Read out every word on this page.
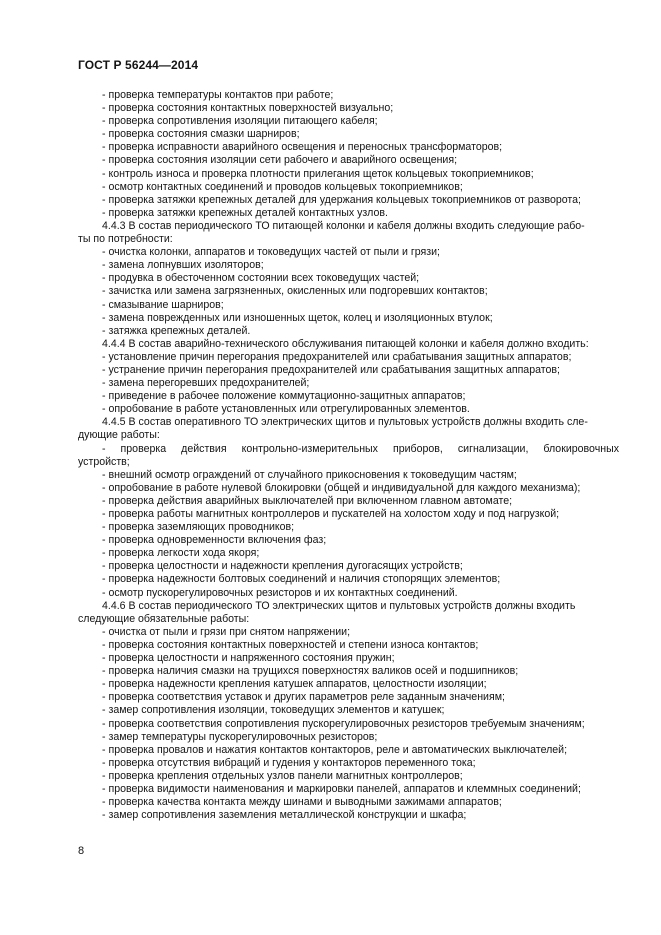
ГОСТ Р 56244—2014
- проверка температуры контактов при работе;
- проверка состояния контактных поверхностей визуально;
- проверка сопротивления изоляции питающего кабеля;
- проверка состояния смазки шарниров;
- проверка исправности аварийного освещения и переносных трансформаторов;
- проверка состояния изоляции сети рабочего и аварийного освещения;
- контроль износа и проверка плотности прилегания щеток кольцевых токоприемников;
- осмотр контактных соединений и проводов кольцевых токоприемников;
- проверка затяжки крепежных деталей для удержания кольцевых токоприемников от разворота;
- проверка затяжки крепежных деталей контактных узлов.
4.4.3 В состав периодического ТО питающей колонки и кабеля должны входить следующие рабо-
ты по потребности:
- очистка колонки, аппаратов и токоведущих частей от пыли и грязи;
- замена лопнувших изоляторов;
- продувка в обесточенном состоянии всех токоведущих частей;
- зачистка или замена загрязненных, окисленных или подгоревших контактов;
- смазывание шарниров;
- замена поврежденных или изношенных щеток, колец и изоляционных втулок;
- затяжка крепежных деталей.
4.4.4 В состав аварийно-технического обслуживания питающей колонки и кабеля должно входить:
- установление причин перегорания предохранителей или срабатывания защитных аппаратов;
- устранение причин перегорания предохранителей или срабатывания защитных аппаратов;
- замена перегоревших предохранителей;
- приведение в рабочее положение коммутационно-защитных аппаратов;
- опробование в работе установленных или отрегулированных элементов.
4.4.5 В состав оперативного ТО электрических щитов и пультовых устройств должны входить сле-
дующие работы:
- проверка действия контрольно-измерительных приборов, сигнализации, блокировочных
устройств;
- внешний осмотр ограждений от случайного прикосновения к токоведущим частям;
- опробование в работе нулевой блокировки (общей и индивидуальной для каждого механизма);
- проверка действия аварийных выключателей при включенном главном автомате;
- проверка работы магнитных контроллеров и пускателей на холостом ходу и под нагрузкой;
- проверка заземляющих проводников;
- проверка одновременности включения фаз;
- проверка легкости хода якоря;
- проверка целостности и надежности крепления дугогасящих устройств;
- проверка надежности болтовых соединений и наличия стопорящих элементов;
- осмотр пускорегулировочных резисторов и их контактных соединений.
4.4.6 В состав периодического ТО электрических щитов и пультовых устройств должны входить
следующие обязательные работы:
- очистка от пыли и грязи при снятом напряжении;
- проверка состояния контактных поверхностей и степени износа контактов;
- проверка целостности и напряженного состояния пружин;
- проверка наличия смазки на трущихся поверхностях валиков осей и подшипников;
- проверка надежности крепления катушек аппаратов, целостности изоляции;
- проверка соответствия уставок и других параметров реле заданным значениям;
- замер сопротивления изоляции, токоведущих элементов и катушек;
- проверка соответствия сопротивления пускорегулировочных резисторов требуемым значениям;
- замер температуры пускорегулировочных резисторов;
- проверка провалов и нажатия контактов контакторов, реле и автоматических выключателей;
- проверка отсутствия вибраций и гудения у контакторов переменного тока;
- проверка крепления отдельных узлов панели магнитных контроллеров;
- проверка видимости наименования и маркировки панелей, аппаратов и клеммных соединений;
- проверка качества контакта между шинами и выводными зажимами аппаратов;
- замер сопротивления заземления металлической конструкции и шкафа;
8
